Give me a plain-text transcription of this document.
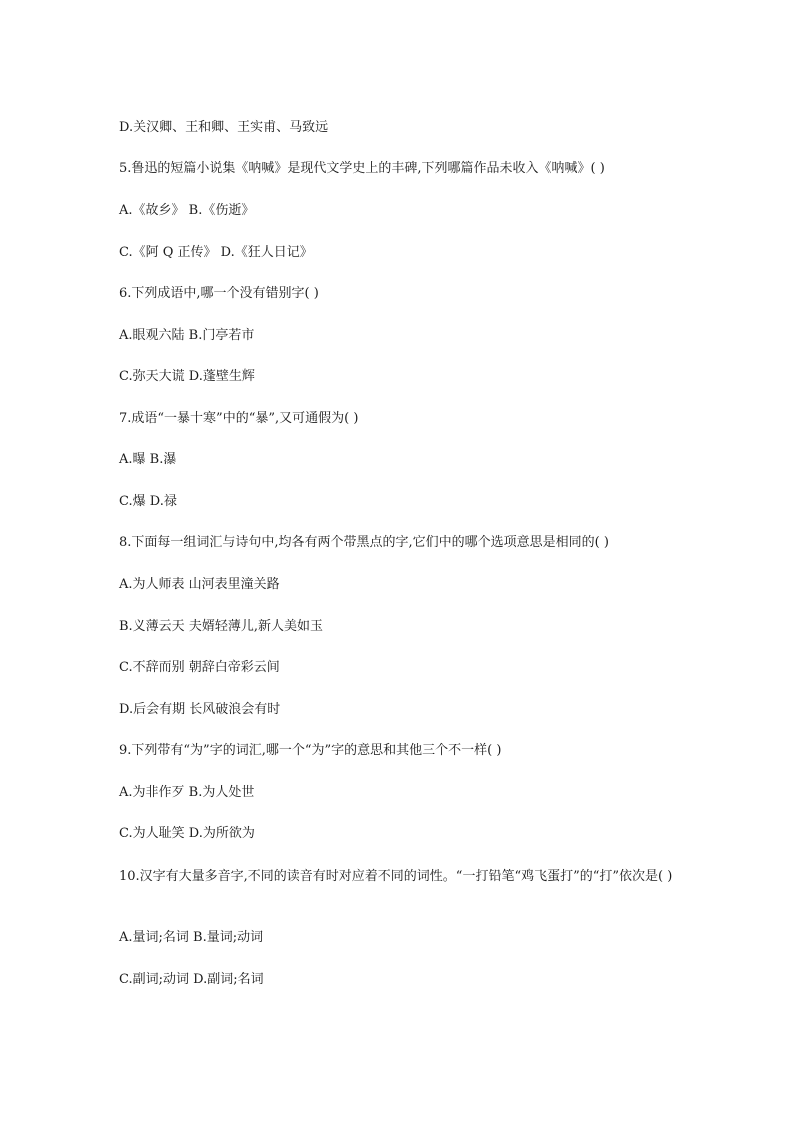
D.关汉卿、王和卿、王实甫、马致远
5.鲁迅的短篇小说集《呐喊》是现代文学史上的丰碑,下列哪篇作品未收入《呐喊》( )
A.《故乡》 B.《伤逝》
C.《阿 Q 正传》 D.《狂人日记》
6.下列成语中,哪一个没有错别字( )
A.眼观六陆 B.门亭若市
C.弥天大谎 D.蓬壁生辉
7.成语“一暴十寒”中的“暴”,又可通假为( )
A.曝 B.瀑
C.爆 D.禄
8.下面每一组词汇与诗句中,均各有两个带黑点的字,它们中的哪个选项意思是相同的( )
A.为人师表 山河表里潼关路
B.义薄云天 夫婿轻薄儿,新人美如玉
C.不辞而别 朝辞白帝彩云间
D.后会有期 长风破浪会有时
9.下列带有“为”字的词汇,哪一个“为”字的意思和其他三个不一样( )
A.为非作歹 B.为人处世
C.为人耻笑 D.为所欲为
10.汉字有大量多音字,不同的读音有时对应着不同的词性。“一打铅笔“鸡飞蛋打”的“打”依次是( )
A.量词;名词 B.量词;动词
C.副词;动词 D.副词;名词
